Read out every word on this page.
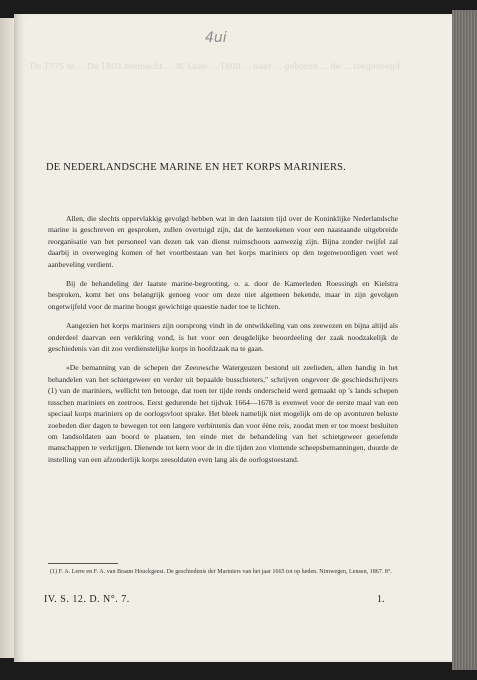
De 1775 te ... De 1803 zeemacht ... W. Lane ... 1800 ... naar ... geboren ... de ... toegevoegd
4ui
DE NEDERLANDSCHE MARINE EN HET KORPS MARINIERS.

Allen, die slechts oppervlakkig gevolgd hebben wat in den laatsten tijd over de Koninklijke Nederlandsche marine is geschreven en gesproken, zullen overtuigd zijn, dat de kenteekenen voor een naastaande uitgebreide reorganisatie van het personeel van dezen tak van dienst ruimschoots aanwezig zijn. Bijna zonder twijfel zal daarbij in overweging komen of het voortbestaan van het korps mariniers op den tegenwoordigen voet wel aanbeveling verdient.

Bij de behandeling der laatste marine-begrooting, o. a. door de Kamerleden Roessingh en Kielstra besproken, komt het ons belangrijk genoeg voor om deze niet algemeen bekende, maar in zijn gevolgen ongetwijfeld voor de marine hoogst gewichtige quaestie nader toe te lichten.

Aangezien het korps mariniers zijn oorsprong vindt in de ontwikkeling van ons zeewezen en bijna altijd als onderdeel daarvan een verkkring vond, is het voor een deugdelijke beoordeeling der zaak noodzakelijk de geschiedenis van dit zoo verdienstelijke korps in hoofdzaak na te gaan.

»De bemanning van de schepen der Zeeuwsche Watergeuzen bestond uit zeelieden, allen handig in het behandelen van het schietgeweer en verder uit bepaalde busschieters," schrijven ongeveer de geschiedschrijvers (1) van de mariniers, wellicht ten betooge, dat toen ter tijde reeds onderscheid werd gemaakt op 's lands schepen tusschen mariniers en zeetroos. Eerst gedurende het tijdvak 1664—1678 is evenwel voor de eerste maal van een speciaal korps mariniers op de oorlogsvloot sprake. Het bleek namelijk niet mogelijk om de op avonturen beluste zoebeden dier dagen te bewegen tot een langere verbintenis dan voor éène reis, zoodat men er toe moest besluiten om landsoldaten aan boord te plaatsen, ten einde met de behandeling van het schietgeweer geoefende manschappen te verkrijgen. Dienende tot kern voor de in die tijden zoo vlottende scheepsbemanningen, duurde de instelling van een afzonderlijk korps zeesoldaten even lang als de oorlogstoestand.

(1) F. A. Lerre en F. A. van Braam Houckgeest. De geschiedenis der Mariniers van het jaar 1665 tot op heden. Nimwegen, Lensen, 1867. 8°.
IV. S. 12. D. N°. 7.	1.
